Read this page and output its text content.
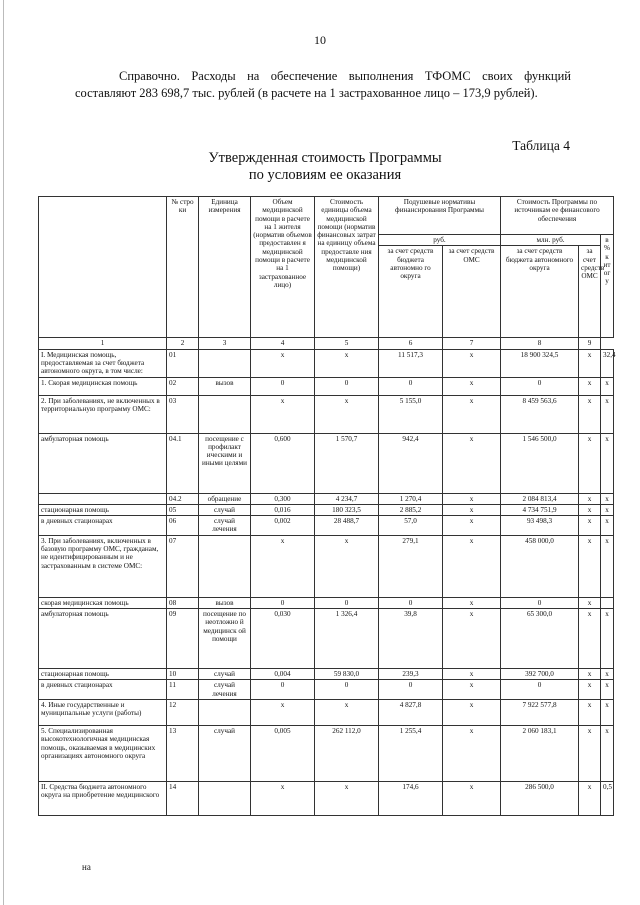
10
Справочно. Расходы на обеспечение выполнения ТФОМС своих функций составляют 283 698,7 тыс. рублей (в расчете на 1 застрахованное лицо – 173,9 рублей).
Таблица 4
Утвержденная стоимость Программы
по условиям ее оказания
	№ стро ки	Единица измерения	Объем медицинской помощи в расчете на 1 жителя (норматив объемов предоставлен я медицинской помощи в расчете на 1 застрахованное лицо)	Стоимость единицы объема медицинской помощи (норматив финансовых затрат на единицу объема предоставле ния медицинской помощи)	Подушевые нормативы финансирования Программы		Стоимость Программы по источникам ее финансового обеспечения		
					руб.		млн. руб.		в % к ит ог у
					за счет средств бюджета автономно го округа	за счет средств ОМС	за счет средств бюджета автономного округа	за счет средств ОМС	
1	2	3	4	5	6	7	8	9	
I. Медицинская помощь, предоставляемая за счет бюджета автономного округа, в том числе:	01		х	х	11 517,3	х	18 900 324,5	х	32,4
1. Скорая медицинская помощь	02	вызов	0	0	0	х	0	х	х
2. При заболеваниях, не включенных в территориальную программу ОМС:	03		х	х	5 155,0	х	8 459 563,6	х	х
амбулаторная помощь	04.1	посещение с профилакт ическими и иными целями	0,600	1 570,7	942,4	х	1 546 500,0	х	х
	04.2	обращение	0,300	4 234,7	1 270,4	х	2 084 813,4	х	х
стационарная помощь	05	случай	0,016	180 323,5	2 885,2	х	4 734 751,9	х	х
в дневных стационарах	06	случай лечения	0,002	28 488,7	57,0	х	93 498,3	х	х
3. При заболеваниях, включенных в базовую программу ОМС, гражданам, не идентифицированным и не застрахованным в системе ОМС:	07		х	х	279,1	х	458 000,0	х	х
скорая медицинская помощь	08	вызов	0	0	0	х	0	х	
амбулаторная помощь	09	посещение по неотложно й медицинск ой помощи	0,030	1 326,4	39,8	х	65 300,0	х	х
стационарная помощь	10	случай	0,004	59 830,0	239,3	х	392 700,0	х	х
в дневных стационарах	11	случай лечения	0	0	0	х	0	х	х
4. Иные государственные и муниципальные услуги (работы)	12		х	х	4 827,8	х	7 922 577,8	х	х
5. Специализированная высокотехнологичная медицинская помощь, оказываемая в медицинских организациях автономного округа	13	случай	0,005	262 112,0	1 255,4	х	2 060 183,1	х	х
II. Средства бюджета автономного округа на приобретение медицинского	14		х	х	174,6	х	286 500,0	х	0,5
на
